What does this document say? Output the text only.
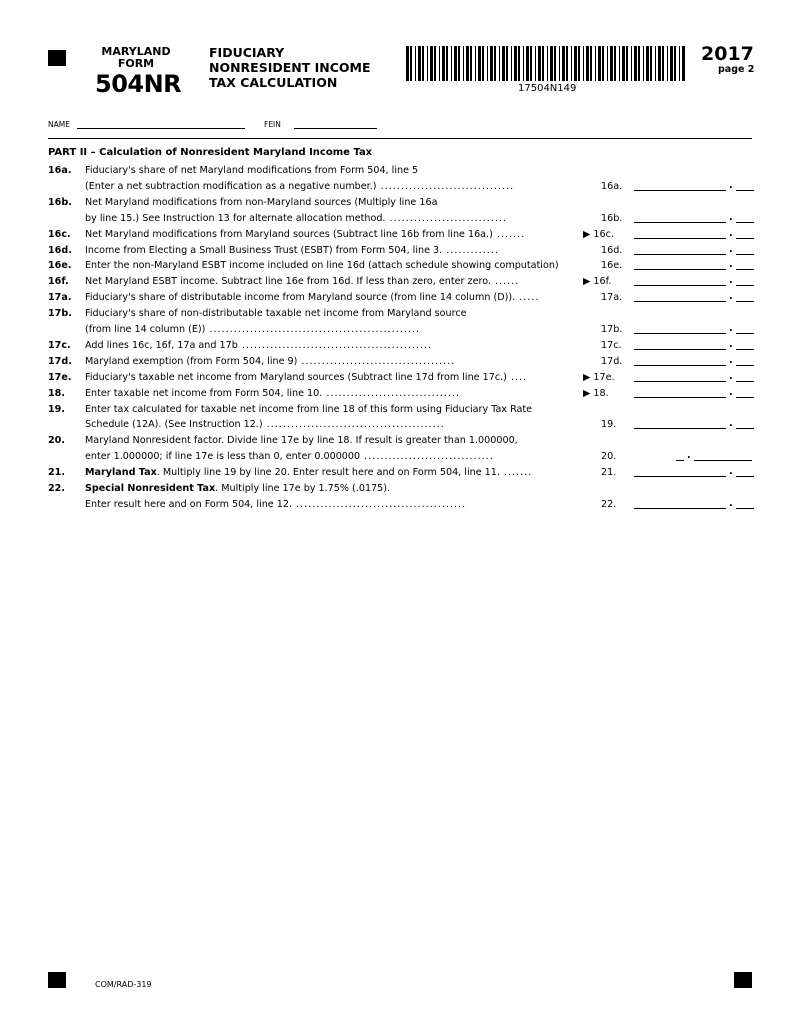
MARYLAND
FORM
504NR
FIDUCIARY
NONRESIDENT INCOME
TAX CALCULATION	17504N149
2017
page 2
NAME	FEIN
PART II – Calculation of Nonresident Maryland Income Tax
16a. Fiduciary's share of net Maryland modifications from Form 504, line 5
(Enter a net subtraction modification as a negative number.) .................................	16a.	.
16b. Net Maryland modifications from non-Maryland sources (Multiply line 16a
by line 15.) See Instruction 13 for alternate allocation method. .............................	16b.	.
16c. Net Maryland modifications from Maryland sources (Subtract line 16b from line 16a.) .......	▶ 16c.	.
16d. Income from Electing a Small Business Trust (ESBT) from Form 504, line 3. .............	16d.	.
16e. Enter the non-Maryland ESBT income included on line 16d (attach schedule showing computation)	16e.	.
16f. Net Maryland ESBT income. Subtract line 16e from 16d. If less than zero, enter zero. ......	▶ 16f.	.
17a. Fiduciary's share of distributable income from Maryland source (from line 14 column (D)). .....	17a.	.
17b. Fiduciary's share of non-distributable taxable net income from Maryland source
(from line 14 column (E)) ....................................................	17b.	.
17c. Add lines 16c, 16f, 17a and 17b ...............................................	17c.	.
17d. Maryland exemption (from Form 504, line 9) ......................................	17d.	.
17e. Fiduciary's taxable net income from Maryland sources (Subtract line 17d from line 17c.) ....	▶ 17e.	.
18. Enter taxable net income from Form 504, line 10. .................................	▶ 18.	.
19. Enter tax calculated for taxable net income from line 18 of this form using Fiduciary Tax Rate
Schedule (12A). (See Instruction 12.) ............................................	19.	.
20. Maryland Nonresident factor. Divide line 17e by line 18. If result is greater than 1.000000,
enter 1.000000; if line 17e is less than 0, enter 0.000000 ................................	20.	.
21. Maryland Tax. Multiply line 19 by line 20. Enter result here and on Form 504, line 11. .......	21.	.
22. Special Nonresident Tax. Multiply line 17e by 1.75% (.0175).
Enter result here and on Form 504, line 12. ..........................................	22.	.
COM/RAD-319
